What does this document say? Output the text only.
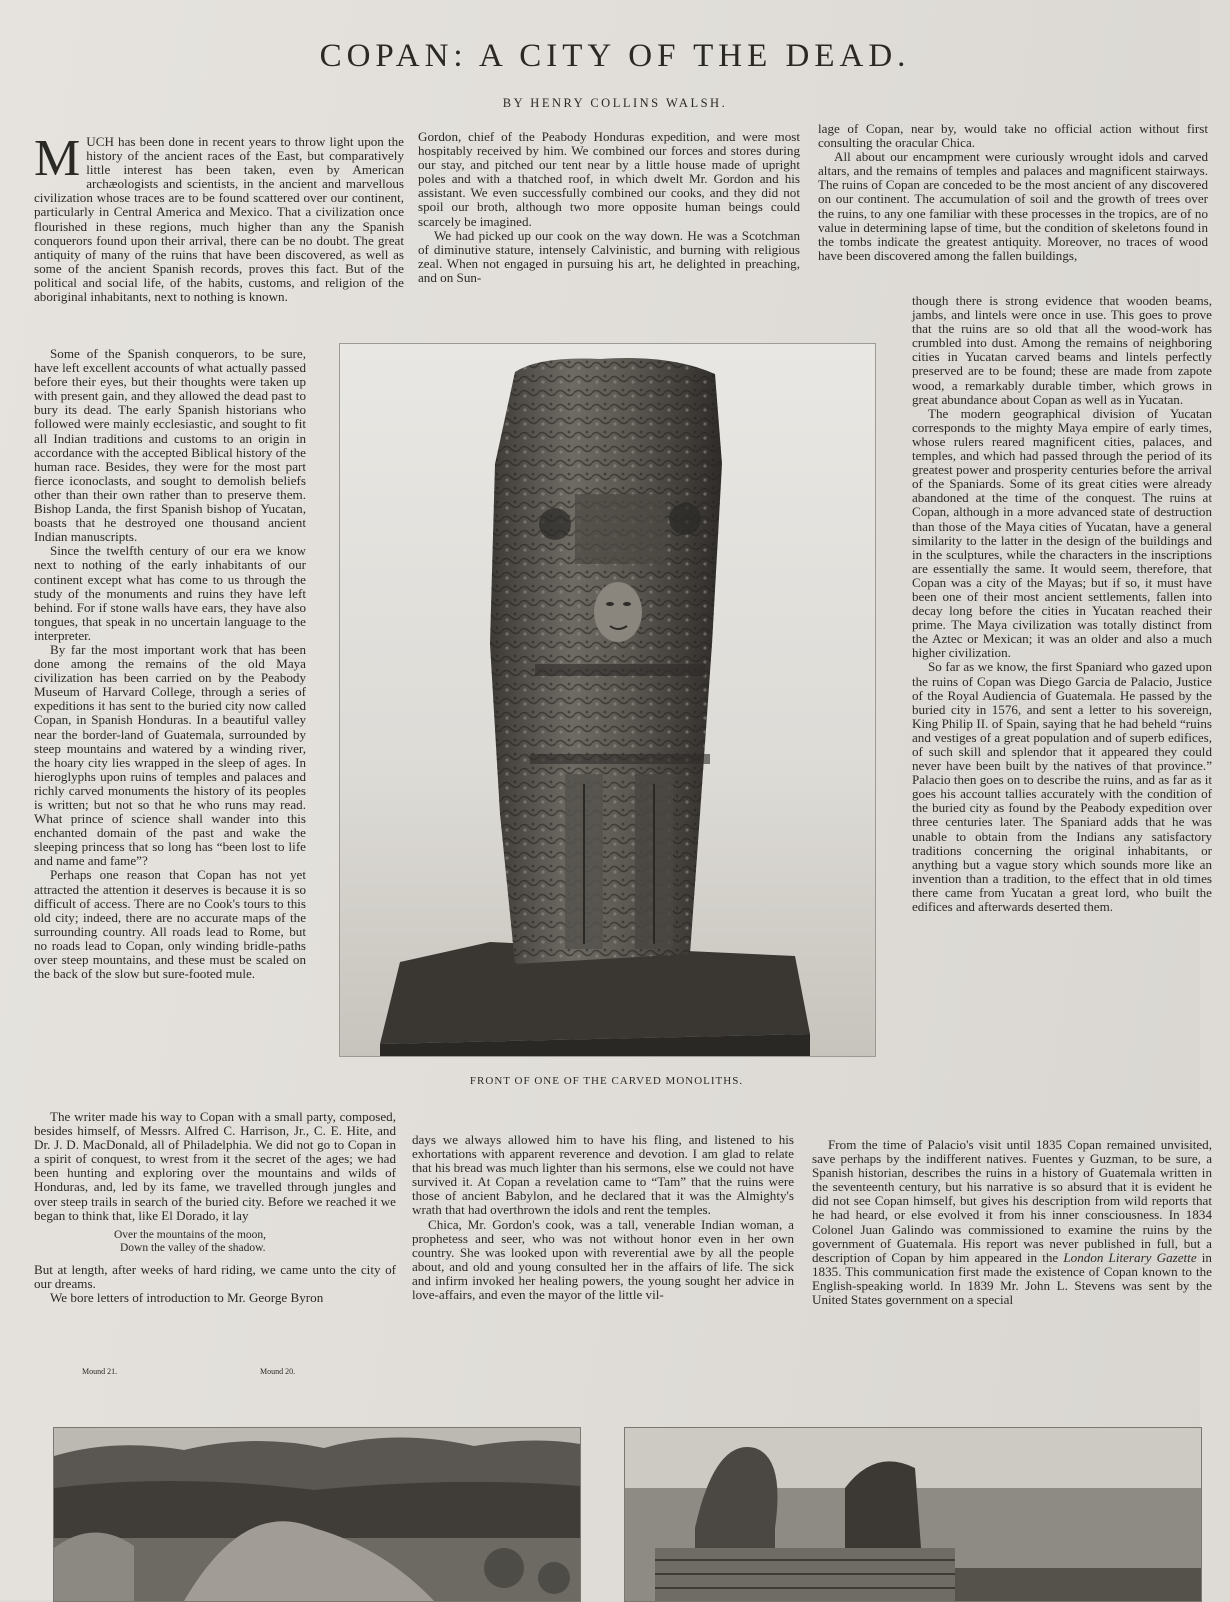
COPAN: A CITY OF THE DEAD.
BY HENRY COLLINS WALSH.

MUCH has been done in recent years to throw light upon the history of the ancient races of the East, but comparatively little interest has been taken, even by American archæologists and scientists, in the ancient and marvellous civilization whose traces are to be found scattered over our continent, particularly in Central America and Mexico. That a civilization once flourished in these regions, much higher than any the Spanish conquerors found upon their arrival, there can be no doubt. The great antiquity of many of the ruins that have been discovered, as well as some of the ancient Spanish records, proves this fact. But of the political and social life, of the habits, customs, and religion of the aboriginal inhabitants, next to nothing is known.

Some of the Spanish conquerors, to be sure, have left excellent accounts of what actually passed before their eyes, but their thoughts were taken up with present gain, and they allowed the dead past to bury its dead. The early Spanish historians who followed were mainly ecclesiastic, and sought to fit all Indian traditions and customs to an origin in accordance with the accepted Biblical history of the human race. Besides, they were for the most part fierce iconoclasts, and sought to demolish beliefs other than their own rather than to preserve them. Bishop Landa, the first Spanish bishop of Yucatan, boasts that he destroyed one thousand ancient Indian manuscripts.

Since the twelfth century of our era we know next to nothing of the early inhabitants of our continent except what has come to us through the study of the monuments and ruins they have left behind. For if stone walls have ears, they have also tongues, that speak in no uncertain language to the interpreter.

By far the most important work that has been done among the remains of the old Maya civilization has been carried on by the Peabody Museum of Harvard College, through a series of expeditions it has sent to the buried city now called Copan, in Spanish Honduras. In a beautiful valley near the border-land of Guatemala, surrounded by steep mountains and watered by a winding river, the hoary city lies wrapped in the sleep of ages. In hieroglyphs upon ruins of temples and palaces and richly carved monuments the history of its peoples is written; but not so that he who runs may read. What prince of science shall wander into this enchanted domain of the past and wake the sleeping princess that so long has “been lost to life and name and fame”?

Perhaps one reason that Copan has not yet attracted the attention it deserves is because it is so difficult of access. There are no Cook's tours to this old city; indeed, there are no accurate maps of the surrounding country. All roads lead to Rome, but no roads lead to Copan, only winding bridle-paths over steep mountains, and these must be scaled on the back of the slow but sure-footed mule.

The writer made his way to Copan with a small party, composed, besides himself, of Messrs. Alfred C. Harrison, Jr., C. E. Hite, and Dr. J. D. MacDonald, all of Philadelphia. We did not go to Copan in a spirit of conquest, to wrest from it the secret of the ages; we had been hunting and exploring over the mountains and wilds of Honduras, and, led by its fame, we travelled through jungles and over steep trails in search of the buried city. Before we reached it we began to think that, like El Dorado, it lay

Over the mountains of the moon,
Down the valley of the shadow.

But at length, after weeks of hard riding, we came unto the city of our dreams.

We bore letters of introduction to Mr. George Byron

Gordon, chief of the Peabody Honduras expedition, and were most hospitably received by him. We combined our forces and stores during our stay, and pitched our tent near by a little house made of upright poles and with a thatched roof, in which dwelt Mr. Gordon and his assistant. We even successfully combined our cooks, and they did not spoil our broth, although two more opposite human beings could scarcely be imagined.

We had picked up our cook on the way down. He was a Scotchman of diminutive stature, intensely Calvinistic, and burning with religious zeal. When not engaged in pursuing his art, he delighted in preaching, and on Sun-

days we always allowed him to have his fling, and listened to his exhortations with apparent reverence and devotion. I am glad to relate that his bread was much lighter than his sermons, else we could not have survived it. At Copan a revelation came to “Tam” that the ruins were those of ancient Babylon, and he declared that it was the Almighty's wrath that had overthrown the idols and rent the temples.

Chica, Mr. Gordon's cook, was a tall, venerable Indian woman, a prophetess and seer, who was not without honor even in her own country. She was looked upon with reverential awe by all the people about, and old and young consulted her in the affairs of life. The sick and infirm invoked her healing powers, the young sought her advice in love-affairs, and even the mayor of the little vil-

lage of Copan, near by, would take no official action without first consulting the oracular Chica.

All about our encampment were curiously wrought idols and carved altars, and the remains of temples and palaces and magnificent stairways. The ruins of Copan are conceded to be the most ancient of any discovered on our continent. The accumulation of soil and the growth of trees over the ruins, to any one familiar with these processes in the tropics, are of no value in determining lapse of time, but the condition of skeletons found in the tombs indicate the greatest antiquity. Moreover, no traces of wood have been discovered among the fallen buildings,

though there is strong evidence that wooden beams, jambs, and lintels were once in use. This goes to prove that the ruins are so old that all the wood-work has crumbled into dust. Among the remains of neighboring cities in Yucatan carved beams and lintels perfectly preserved are to be found; these are made from zapote wood, a remarkably durable timber, which grows in great abundance about Copan as well as in Yucatan.

The modern geographical division of Yucatan corresponds to the mighty Maya empire of early times, whose rulers reared magnificent cities, palaces, and temples, and which had passed through the period of its greatest power and prosperity centuries before the arrival of the Spaniards. Some of its great cities were already abandoned at the time of the conquest. The ruins at Copan, although in a more advanced state of destruction than those of the Maya cities of Yucatan, have a general similarity to the latter in the design of the buildings and in the sculptures, while the characters in the inscriptions are essentially the same. It would seem, therefore, that Copan was a city of the Mayas; but if so, it must have been one of their most ancient settlements, fallen into decay long before the cities in Yucatan reached their prime. The Maya civilization was totally distinct from the Aztec or Mexican; it was an older and also a much higher civilization.

So far as we know, the first Spaniard who gazed upon the ruins of Copan was Diego Garcia de Palacio, Justice of the Royal Audiencia of Guatemala. He passed by the buried city in 1576, and sent a letter to his sovereign, King Philip II. of Spain, saying that he had beheld “ruins and vestiges of a great population and of superb edifices, of such skill and splendor that it appeared they could never have been built by the natives of that province.” Palacio then goes on to describe the ruins, and as far as it goes his account tallies accurately with the condition of the buried city as found by the Peabody expedition over three centuries later. The Spaniard adds that he was unable to obtain from the Indians any satisfactory traditions concerning the original inhabitants, or anything but a vague story which sounds more like an invention than a tradition, to the effect that in old times there came from Yucatan a great lord, who built the edifices and afterwards deserted them.

From the time of Palacio's visit until 1835 Copan remained unvisited, save perhaps by the indifferent natives. Fuentes y Guzman, to be sure, a Spanish historian, describes the ruins in a history of Guatemala written in the seventeenth century, but his narrative is so absurd that it is evident he did not see Copan himself, but gives his description from wild reports that he had heard, or else evolved it from his inner consciousness. In 1834 Colonel Juan Galindo was commissioned to examine the ruins by the government of Guatemala. His report was never published in full, but a description of Copan by him appeared in the London Literary Gazette in 1835. This communication first made the existence of Copan known to the English-speaking world. In 1839 Mr. John L. Stevens was sent by the United States government on a special

FRONT OF ONE OF THE CARVED MONOLITHS.
Mound 21.	Mound 20.
